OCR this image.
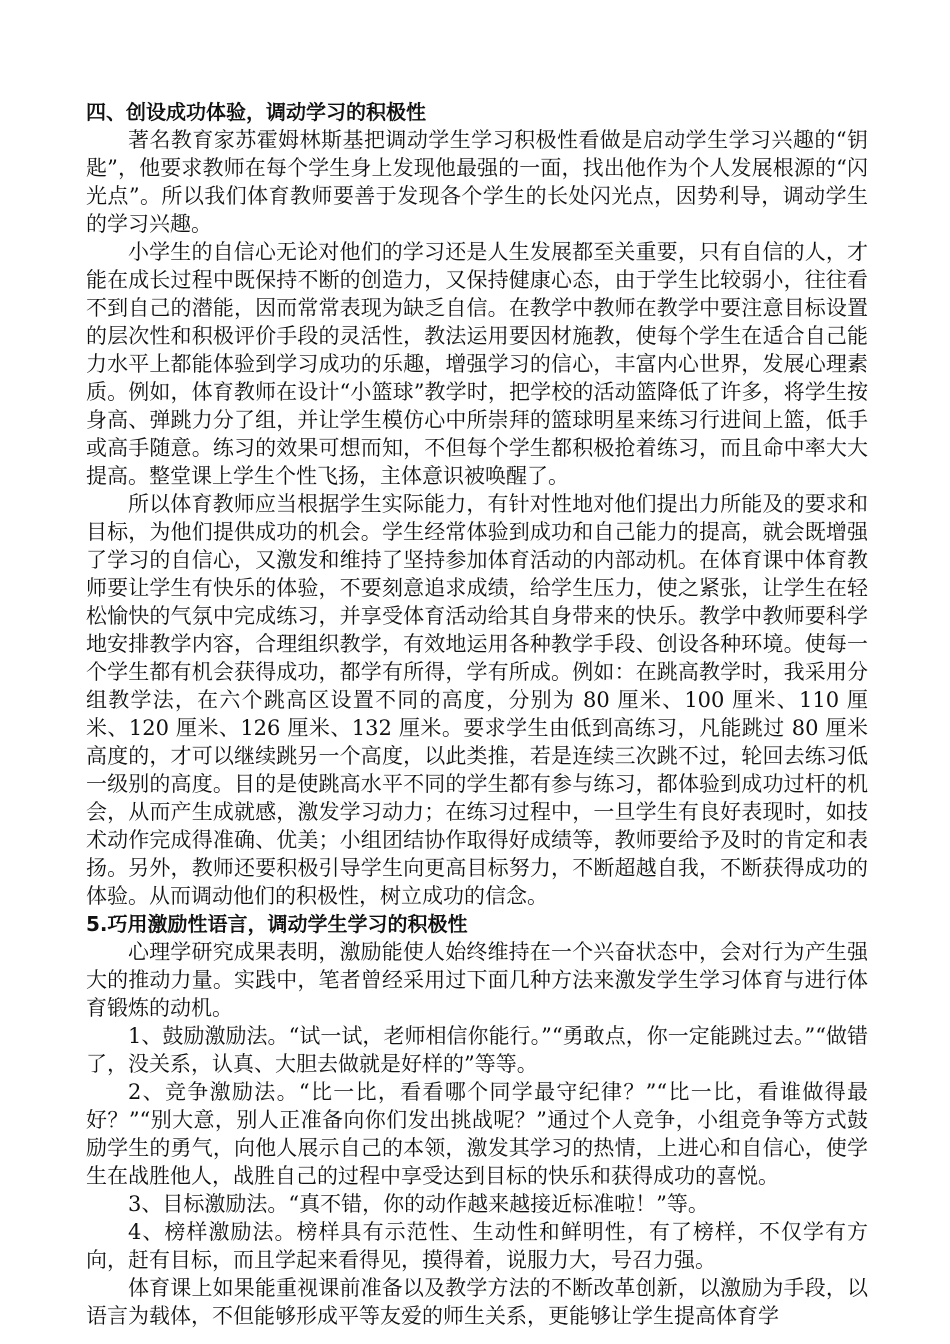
四、创设成功体验，调动学习的积极性

著名教育家苏霍姆林斯基把调动学生学习积极性看做是启动学生学习兴趣的“钥匙”，他要求教师在每个学生身上发现他最强的一面，找出他作为个人发展根源的“闪光点”。所以我们体育教师要善于发现各个学生的长处闪光点，因势利导，调动学生的学习兴趣。

小学生的自信心无论对他们的学习还是人生发展都至关重要，只有自信的人，才能在成长过程中既保持不断的创造力，又保持健康心态，由于学生比较弱小，往往看不到自己的潜能，因而常常表现为缺乏自信。在教学中教师在教学中要注意目标设置的层次性和积极评价手段的灵活性，教法运用要因材施教，使每个学生在适合自己能力水平上都能体验到学习成功的乐趣，增强学习的信心，丰富内心世界，发展心理素质。例如，体育教师在设计“小篮球”教学时，把学校的活动篮降低了许多，将学生按身高、弹跳力分了组，并让学生模仿心中所崇拜的篮球明星来练习行进间上篮，低手或高手随意。练习的效果可想而知，不但每个学生都积极抢着练习，而且命中率大大提高。整堂课上学生个性飞扬，主体意识被唤醒了。

所以体育教师应当根据学生实际能力，有针对性地对他们提出力所能及的要求和目标，为他们提供成功的机会。学生经常体验到成功和自己能力的提高，就会既增强了学习的自信心，又激发和维持了坚持参加体育活动的内部动机。在体育课中体育教师要让学生有快乐的体验，不要刻意追求成绩，给学生压力，使之紧张，让学生在轻松愉快的气氛中完成练习，并享受体育活动给其自身带来的快乐。教学中教师要科学地安排教学内容，合理组织教学，有效地运用各种教学手段、创设各种环境。使每一个学生都有机会获得成功，都学有所得，学有所成。例如：在跳高教学时，我采用分组教学法，在六个跳高区设置不同的高度，分别为 80 厘米、100 厘米、110 厘米、120 厘米、126 厘米、132 厘米。要求学生由低到高练习，凡能跳过 80 厘米高度的，才可以继续跳另一个高度，以此类推，若是连续三次跳不过，轮回去练习低一级别的高度。目的是使跳高水平不同的学生都有参与练习，都体验到成功过杆的机会，从而产生成就感，激发学习动力；在练习过程中，一旦学生有良好表现时，如技术动作完成得准确、优美；小组团结协作取得好成绩等，教师要给予及时的肯定和表扬。另外，教师还要积极引导学生向更高目标努力，不断超越自我，不断获得成功的体验。从而调动他们的积极性，树立成功的信念。

5.巧用激励性语言，调动学生学习的积极性

心理学研究成果表明，激励能使人始终维持在一个兴奋状态中，会对行为产生强大的推动力量。实践中，笔者曾经采用过下面几种方法来激发学生学习体育与进行体育锻炼的动机。

1、鼓励激励法。“试一试，老师相信你能行。”“勇敢点，你一定能跳过去。”“做错了，没关系，认真、大胆去做就是好样的”等等。

2、竞争激励法。“比一比，看看哪个同学最守纪律？”“比一比，看谁做得最好？”“别大意，别人正准备向你们发出挑战呢？”通过个人竞争，小组竞争等方式鼓励学生的勇气，向他人展示自己的本领，激发其学习的热情，上进心和自信心，使学生在战胜他人，战胜自己的过程中享受达到目标的快乐和获得成功的喜悦。

3、目标激励法。“真不错，你的动作越来越接近标准啦！”等。

4、榜样激励法。榜样具有示范性、生动性和鲜明性，有了榜样，不仅学有方向，赶有目标，而且学起来看得见，摸得着，说服力大，号召力强。

体育课上如果能重视课前准备以及教学方法的不断改革创新，以激励为手段，以语言为载体，不但能够形成平等友爱的师生关系，更能够让学生提高体育学
